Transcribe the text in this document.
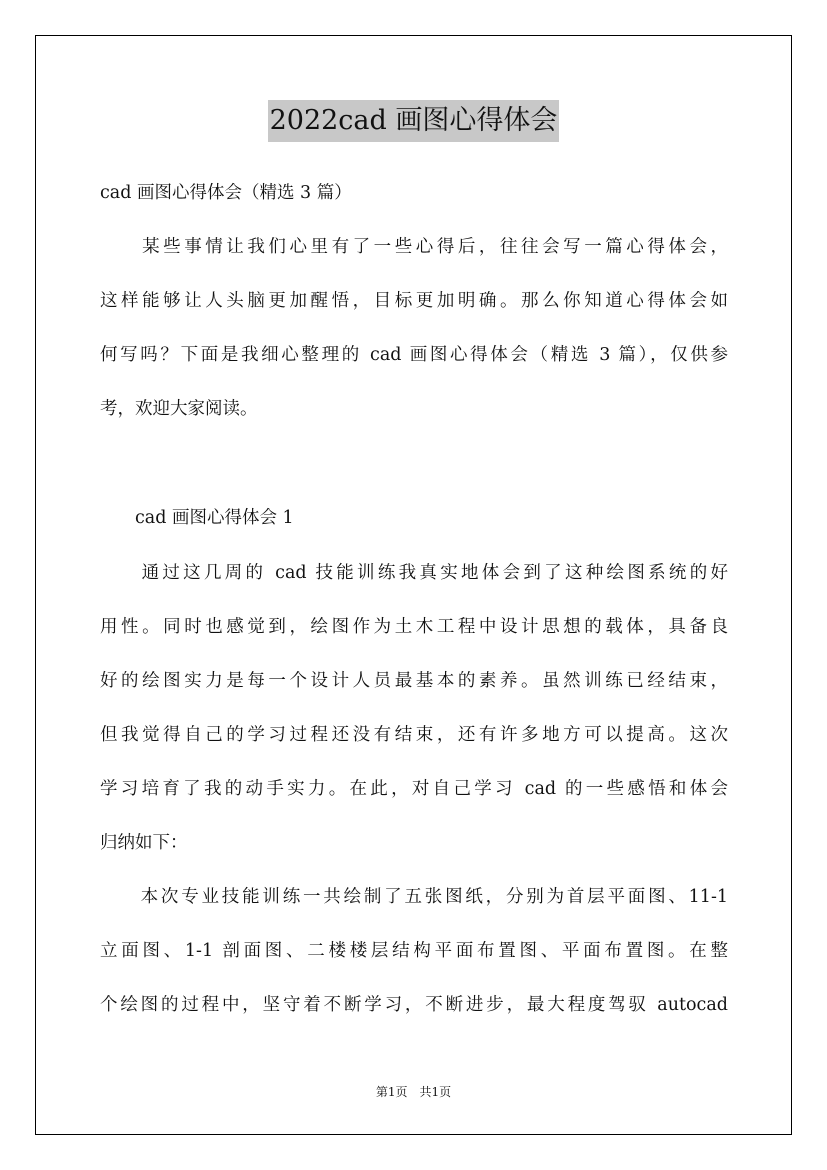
2022cad 画图心得体会
cad 画图心得体会（精选 3 篇）
　　某些事情让我们心里有了一些心得后，往往会写一篇心得体会，
这样能够让人头脑更加醒悟，目标更加明确。那么你知道心得体会如
何写吗？下面是我细心整理的 cad 画图心得体会（精选 3 篇），仅供参
考，欢迎大家阅读。
　　cad 画图心得体会 1
　　通过这几周的 cad 技能训练我真实地体会到了这种绘图系统的好
用性。同时也感觉到，绘图作为土木工程中设计思想的载体，具备良
好的绘图实力是每一个设计人员最基本的素养。虽然训练已经结束，
但我觉得自己的学习过程还没有结束，还有许多地方可以提高。这次
学习培育了我的动手实力。在此，对自己学习 cad 的一些感悟和体会
归纳如下：
　　本次专业技能训练一共绘制了五张图纸，分别为首层平面图、11-1
立面图、1-1 剖面图、二楼楼层结构平面布置图、平面布置图。在整
个绘图的过程中，坚守着不断学习，不断进步，最大程度驾驭 autocad
第1页　共1页
